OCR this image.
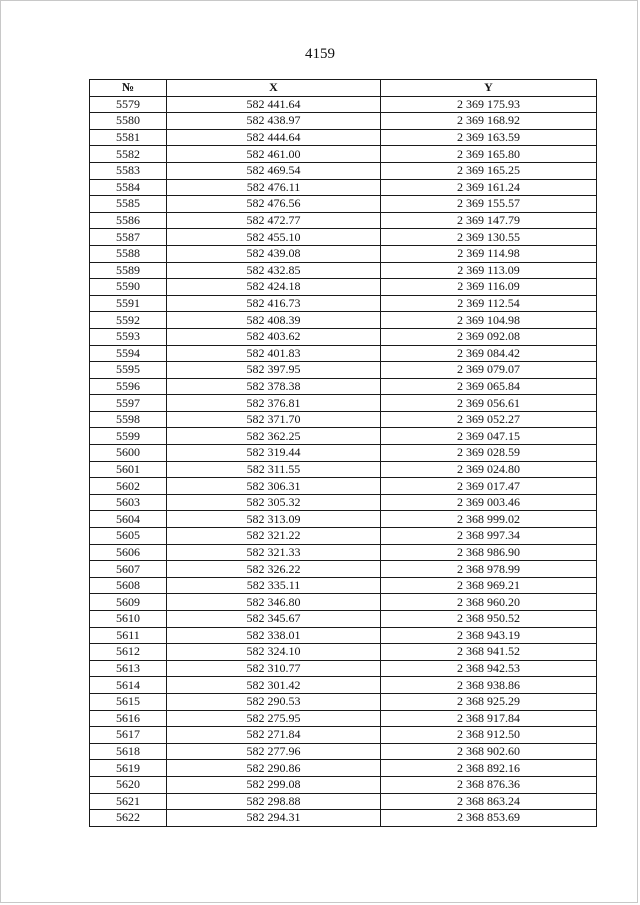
4159
№	X	Y
5579	582 441.64	2 369 175.93
5580	582 438.97	2 369 168.92
5581	582 444.64	2 369 163.59
5582	582 461.00	2 369 165.80
5583	582 469.54	2 369 165.25
5584	582 476.11	2 369 161.24
5585	582 476.56	2 369 155.57
5586	582 472.77	2 369 147.79
5587	582 455.10	2 369 130.55
5588	582 439.08	2 369 114.98
5589	582 432.85	2 369 113.09
5590	582 424.18	2 369 116.09
5591	582 416.73	2 369 112.54
5592	582 408.39	2 369 104.98
5593	582 403.62	2 369 092.08
5594	582 401.83	2 369 084.42
5595	582 397.95	2 369 079.07
5596	582 378.38	2 369 065.84
5597	582 376.81	2 369 056.61
5598	582 371.70	2 369 052.27
5599	582 362.25	2 369 047.15
5600	582 319.44	2 369 028.59
5601	582 311.55	2 369 024.80
5602	582 306.31	2 369 017.47
5603	582 305.32	2 369 003.46
5604	582 313.09	2 368 999.02
5605	582 321.22	2 368 997.34
5606	582 321.33	2 368 986.90
5607	582 326.22	2 368 978.99
5608	582 335.11	2 368 969.21
5609	582 346.80	2 368 960.20
5610	582 345.67	2 368 950.52
5611	582 338.01	2 368 943.19
5612	582 324.10	2 368 941.52
5613	582 310.77	2 368 942.53
5614	582 301.42	2 368 938.86
5615	582 290.53	2 368 925.29
5616	582 275.95	2 368 917.84
5617	582 271.84	2 368 912.50
5618	582 277.96	2 368 902.60
5619	582 290.86	2 368 892.16
5620	582 299.08	2 368 876.36
5621	582 298.88	2 368 863.24
5622	582 294.31	2 368 853.69
